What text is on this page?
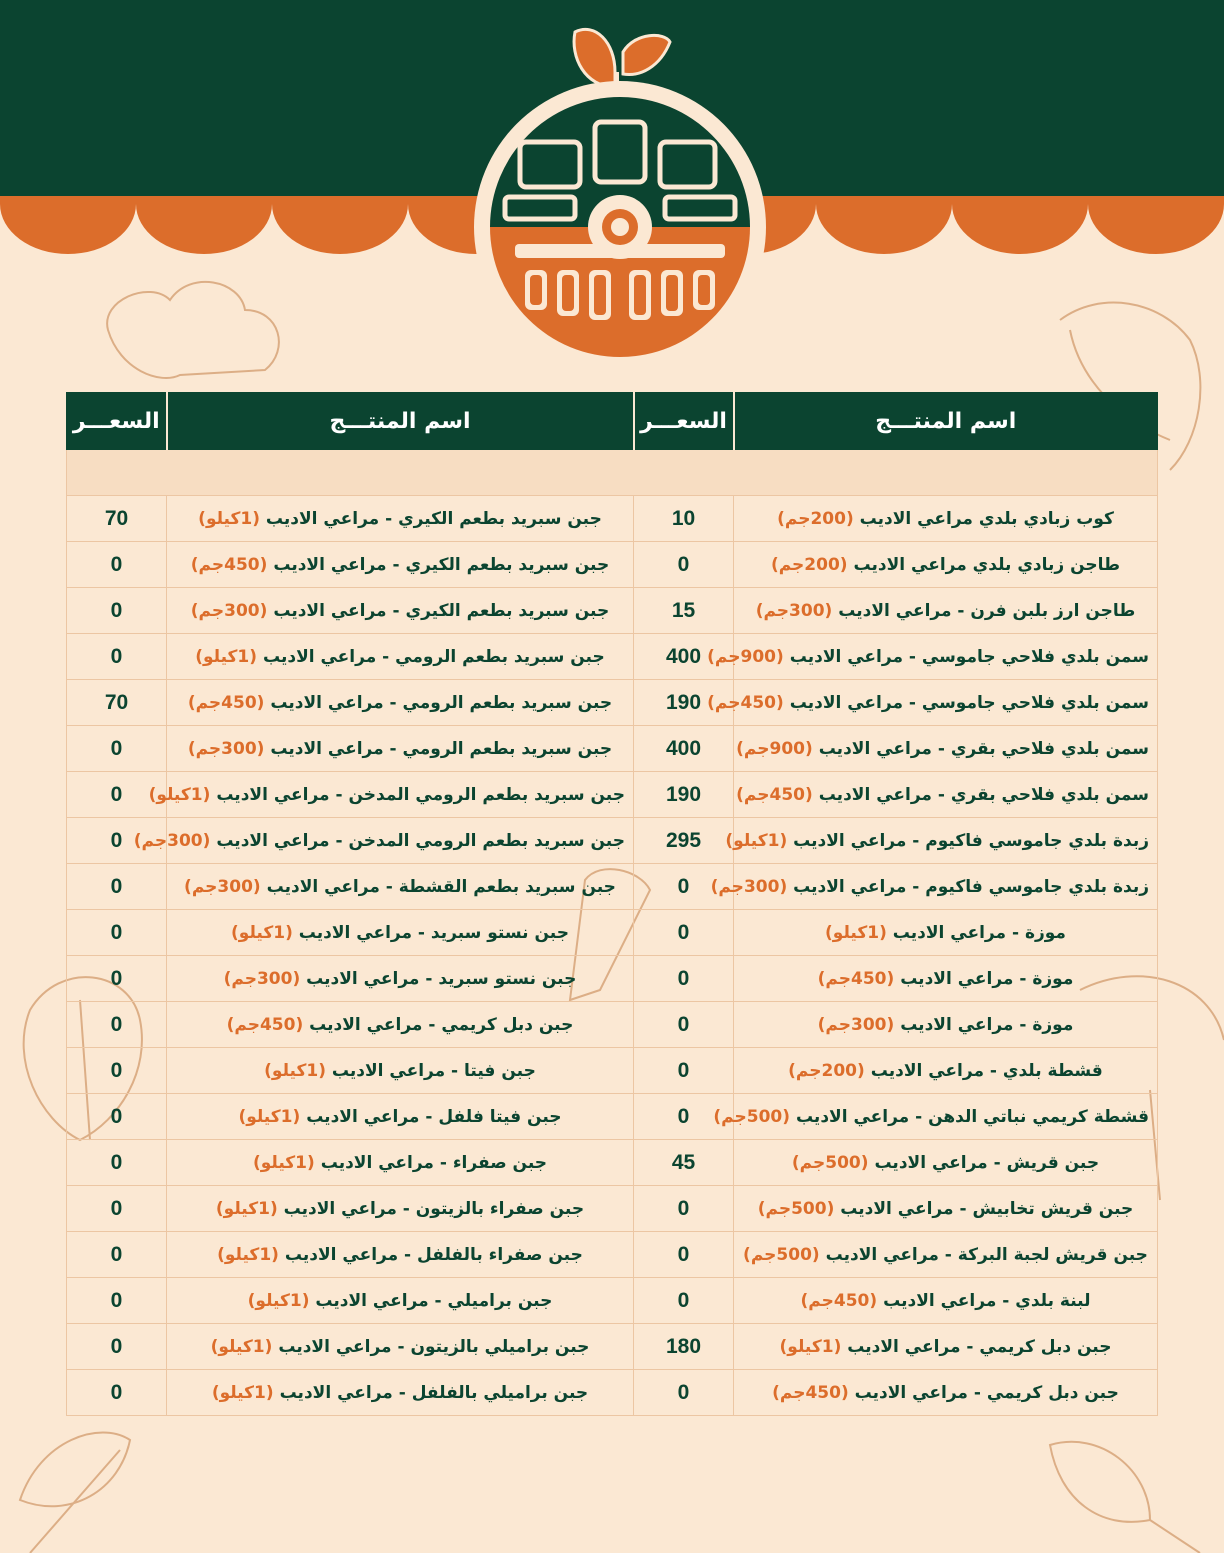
اسم المنتـــج	السعـــر	اسم المنتـــج	السعـــر

كوب زبادي بلدي مراعي الاديب (200جم)	10	جبن سبريد بطعم الكيري - مراعي الاديب (1كيلو)	70
طاجن زبادي بلدي مراعي الاديب (200جم)	0	جبن سبريد بطعم الكيري - مراعي الاديب (450جم)	0
طاجن ارز بلبن فرن - مراعي الاديب (300جم)	15	جبن سبريد بطعم الكيري - مراعي الاديب (300جم)	0
سمن بلدي فلاحي جاموسي - مراعي الاديب (900جم)	400	جبن سبريد بطعم الرومي - مراعي الاديب (1كيلو)	0
سمن بلدي فلاحي جاموسي - مراعي الاديب (450جم)	190	جبن سبريد بطعم الرومي - مراعي الاديب (450جم)	70
سمن بلدي فلاحي بقري - مراعي الاديب (900جم)	400	جبن سبريد بطعم الرومي - مراعي الاديب (300جم)	0
سمن بلدي فلاحي بقري - مراعي الاديب (450جم)	190	جبن سبريد بطعم الرومي المدخن - مراعي الاديب (1كيلو)	0
زبدة بلدي جاموسي فاكيوم - مراعي الاديب (1كيلو)	295	جبن سبريد بطعم الرومي المدخن - مراعي الاديب (300جم)	0
زبدة بلدي جاموسي فاكيوم - مراعي الاديب (300جم)	0	جبن سبريد بطعم القشطة - مراعي الاديب (300جم)	0
موزة - مراعي الاديب (1كيلو)	0	جبن نستو سبريد - مراعي الاديب (1كيلو)	0
موزة - مراعي الاديب (450جم)	0	جبن نستو سبريد - مراعي الاديب (300جم)	0
موزة - مراعي الاديب (300جم)	0	جبن دبل كريمي - مراعي الاديب (450جم)	0
قشطة بلدي - مراعي الاديب (200جم)	0	جبن فيتا - مراعي الاديب (1كيلو)	0
قشطة كريمي نباتي الدهن - مراعي الاديب (500جم)	0	جبن فيتا فلفل - مراعي الاديب (1كيلو)	0
جبن قريش - مراعي الاديب (500جم)	45	جبن صفراء - مراعي الاديب (1كيلو)	0
جبن قريش تخابيش - مراعي الاديب (500جم)	0	جبن صفراء بالزيتون - مراعي الاديب (1كيلو)	0
جبن قريش لجبة البركة - مراعي الاديب (500جم)	0	جبن صفراء بالفلفل - مراعي الاديب (1كيلو)	0
لبنة بلدي - مراعي الاديب (450جم)	0	جبن براميلي - مراعي الاديب (1كيلو)	0
جبن دبل كريمي - مراعي الاديب (1كيلو)	180	جبن براميلي بالزيتون - مراعي الاديب (1كيلو)	0
جبن دبل كريمي - مراعي الاديب (450جم)	0	جبن براميلي بالفلفل - مراعي الاديب (1كيلو)	0
